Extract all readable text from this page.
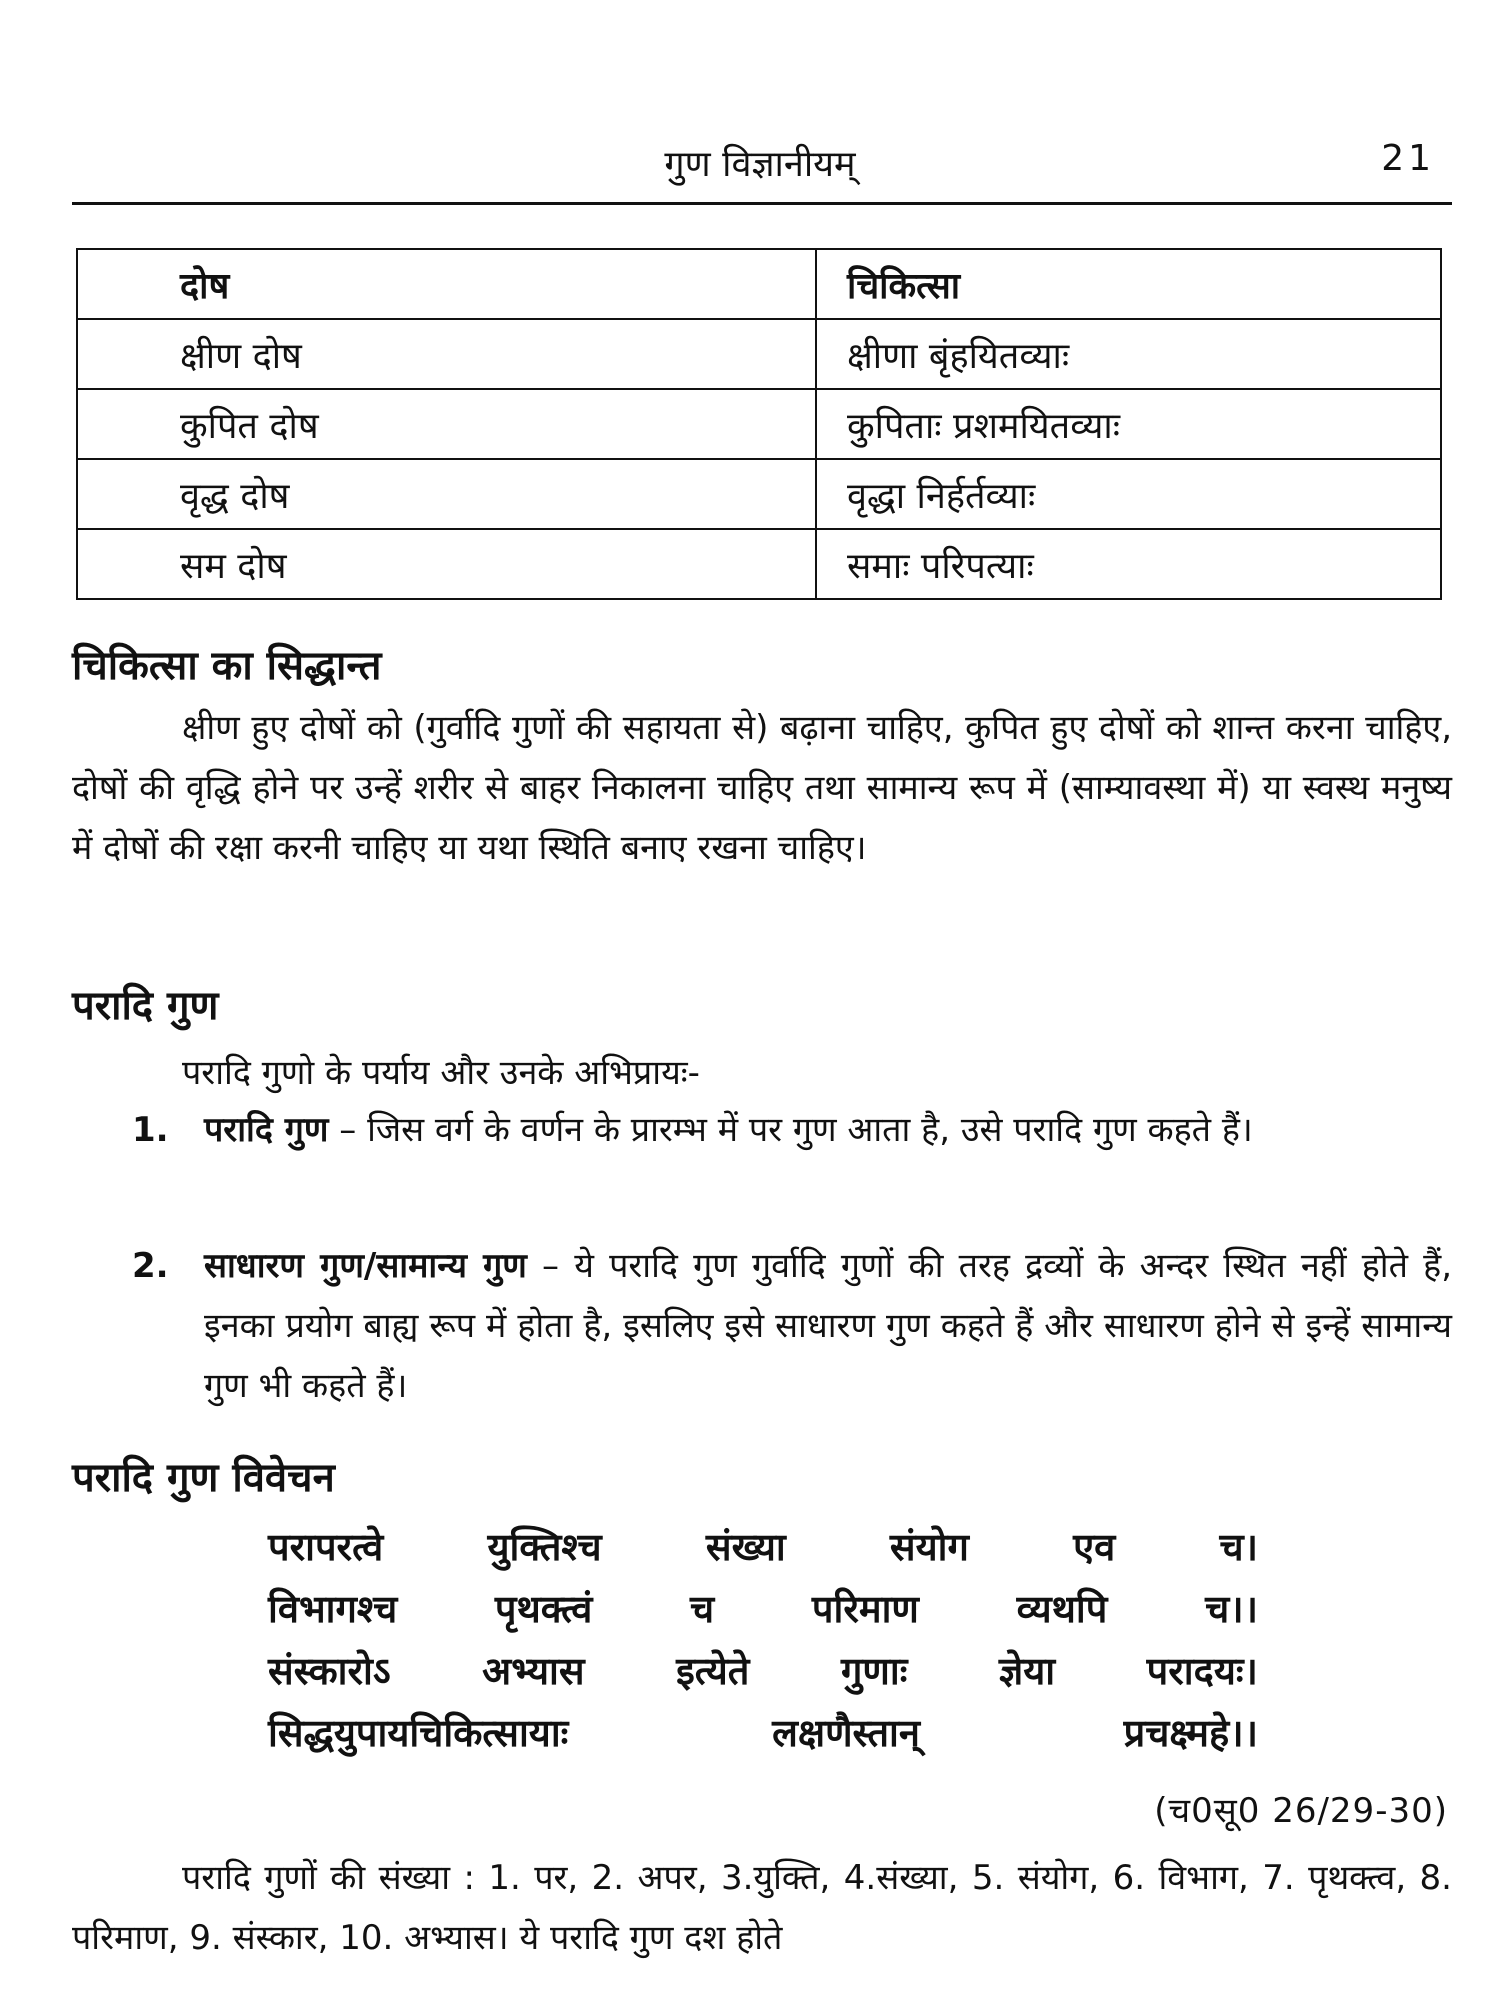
गुण विज्ञानीयम्	21
दोष	चिकित्सा
क्षीण दोष	क्षीणा बृंहयितव्याः
कुपित दोष	कुपिताः प्रशमयितव्याः
वृद्ध दोष	वृद्धा निर्हर्तव्याः
सम दोष	समाः परिपत्याः
चिकित्सा का सिद्धान्त

क्षीण हुए दोषों को (गुर्वादि गुणों की सहायता से) बढ़ाना चाहिए, कुपित हुए दोषों को शान्त करना चाहिए, दोषों की वृद्धि होने पर उन्हें शरीर से बाहर निकालना चाहिए तथा सामान्य रूप में (साम्यावस्था में) या स्वस्थ मनुष्य में दोषों की रक्षा करनी चाहिए या यथा स्थिति बनाए रखना चाहिए।

परादि गुण
परादि गुणो के पर्याय और उनके अभिप्रायः-
1. परादि गुण – जिस वर्ग के वर्णन के प्रारम्भ में पर गुण आता है, उसे परादि गुण कहते हैं।
2. साधारण गुण/सामान्य गुण – ये परादि गुण गुर्वादि गुणों की तरह द्रव्यों के अन्दर स्थित नहीं होते हैं, इनका प्रयोग बाह्य रूप में होता है, इसलिए इसे साधारण गुण कहते हैं और साधारण होने से इन्हें सामान्य गुण भी कहते हैं।
परादि गुण विवेचन
परापरत्वे	युक्तिश्च	संख्या	संयोग	एव	च।
विभागश्च	पृथक्त्वं	च	परिमाण	व्यथपि	च।।
संस्कारोऽ अभ्यास इत्येते गुणाः ज्ञेया परादयः।
सिद्धयुपायचिकित्सायाः	लक्षणैस्तान्	प्रचक्ष्महे।।
(च0सू0 26/29-30)

परादि गुणों की संख्या : 1. पर, 2. अपर, 3.युक्ति, 4.संख्या, 5. संयोग, 6. विभाग, 7. पृथक्त्व, 8. परिमाण, 9. संस्कार, 10. अभ्यास। ये परादि गुण दश होते
